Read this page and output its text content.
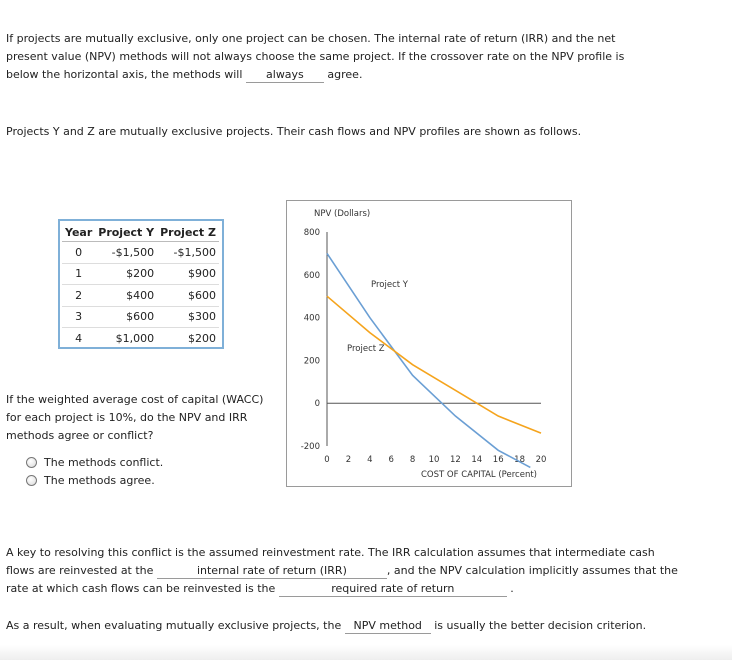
If projects are mutually exclusive, only one project can be chosen. The internal rate of return (IRR) and the net present value (NPV) methods will not always choose the same project. If the crossover rate on the NPV profile is below the horizontal axis, the methods will always agree.
Projects Y and Z are mutually exclusive projects. Their cash flows and NPV profiles are shown as follows.
Year	Project Y	Project Z
0	-$1,500	-$1,500
1	$200	$900
2	$400	$600
3	$600	$300
4	$1,000	$200
If the weighted average cost of capital (WACC) for each project is 10%, do the NPV and IRR methods agree or conflict?
The methods conflict.
The methods agree.
NPV (Dollars)
800
600
400
200
0
-200
0 2 4 6 8 10 12 14 16 18 20
Project Y
Project Z
COST OF CAPITAL (Percent)
A key to resolving this conflict is the assumed reinvestment rate. The IRR calculation assumes that intermediate cash flows are reinvested at the	internal rate of return (IRR)	, and the NPV calculation implicitly assumes that the rate at which cash flows can be reinvested is the	required rate of return	.
As a result, when evaluating mutually exclusive projects, the NPV method is usually the better decision criterion.
